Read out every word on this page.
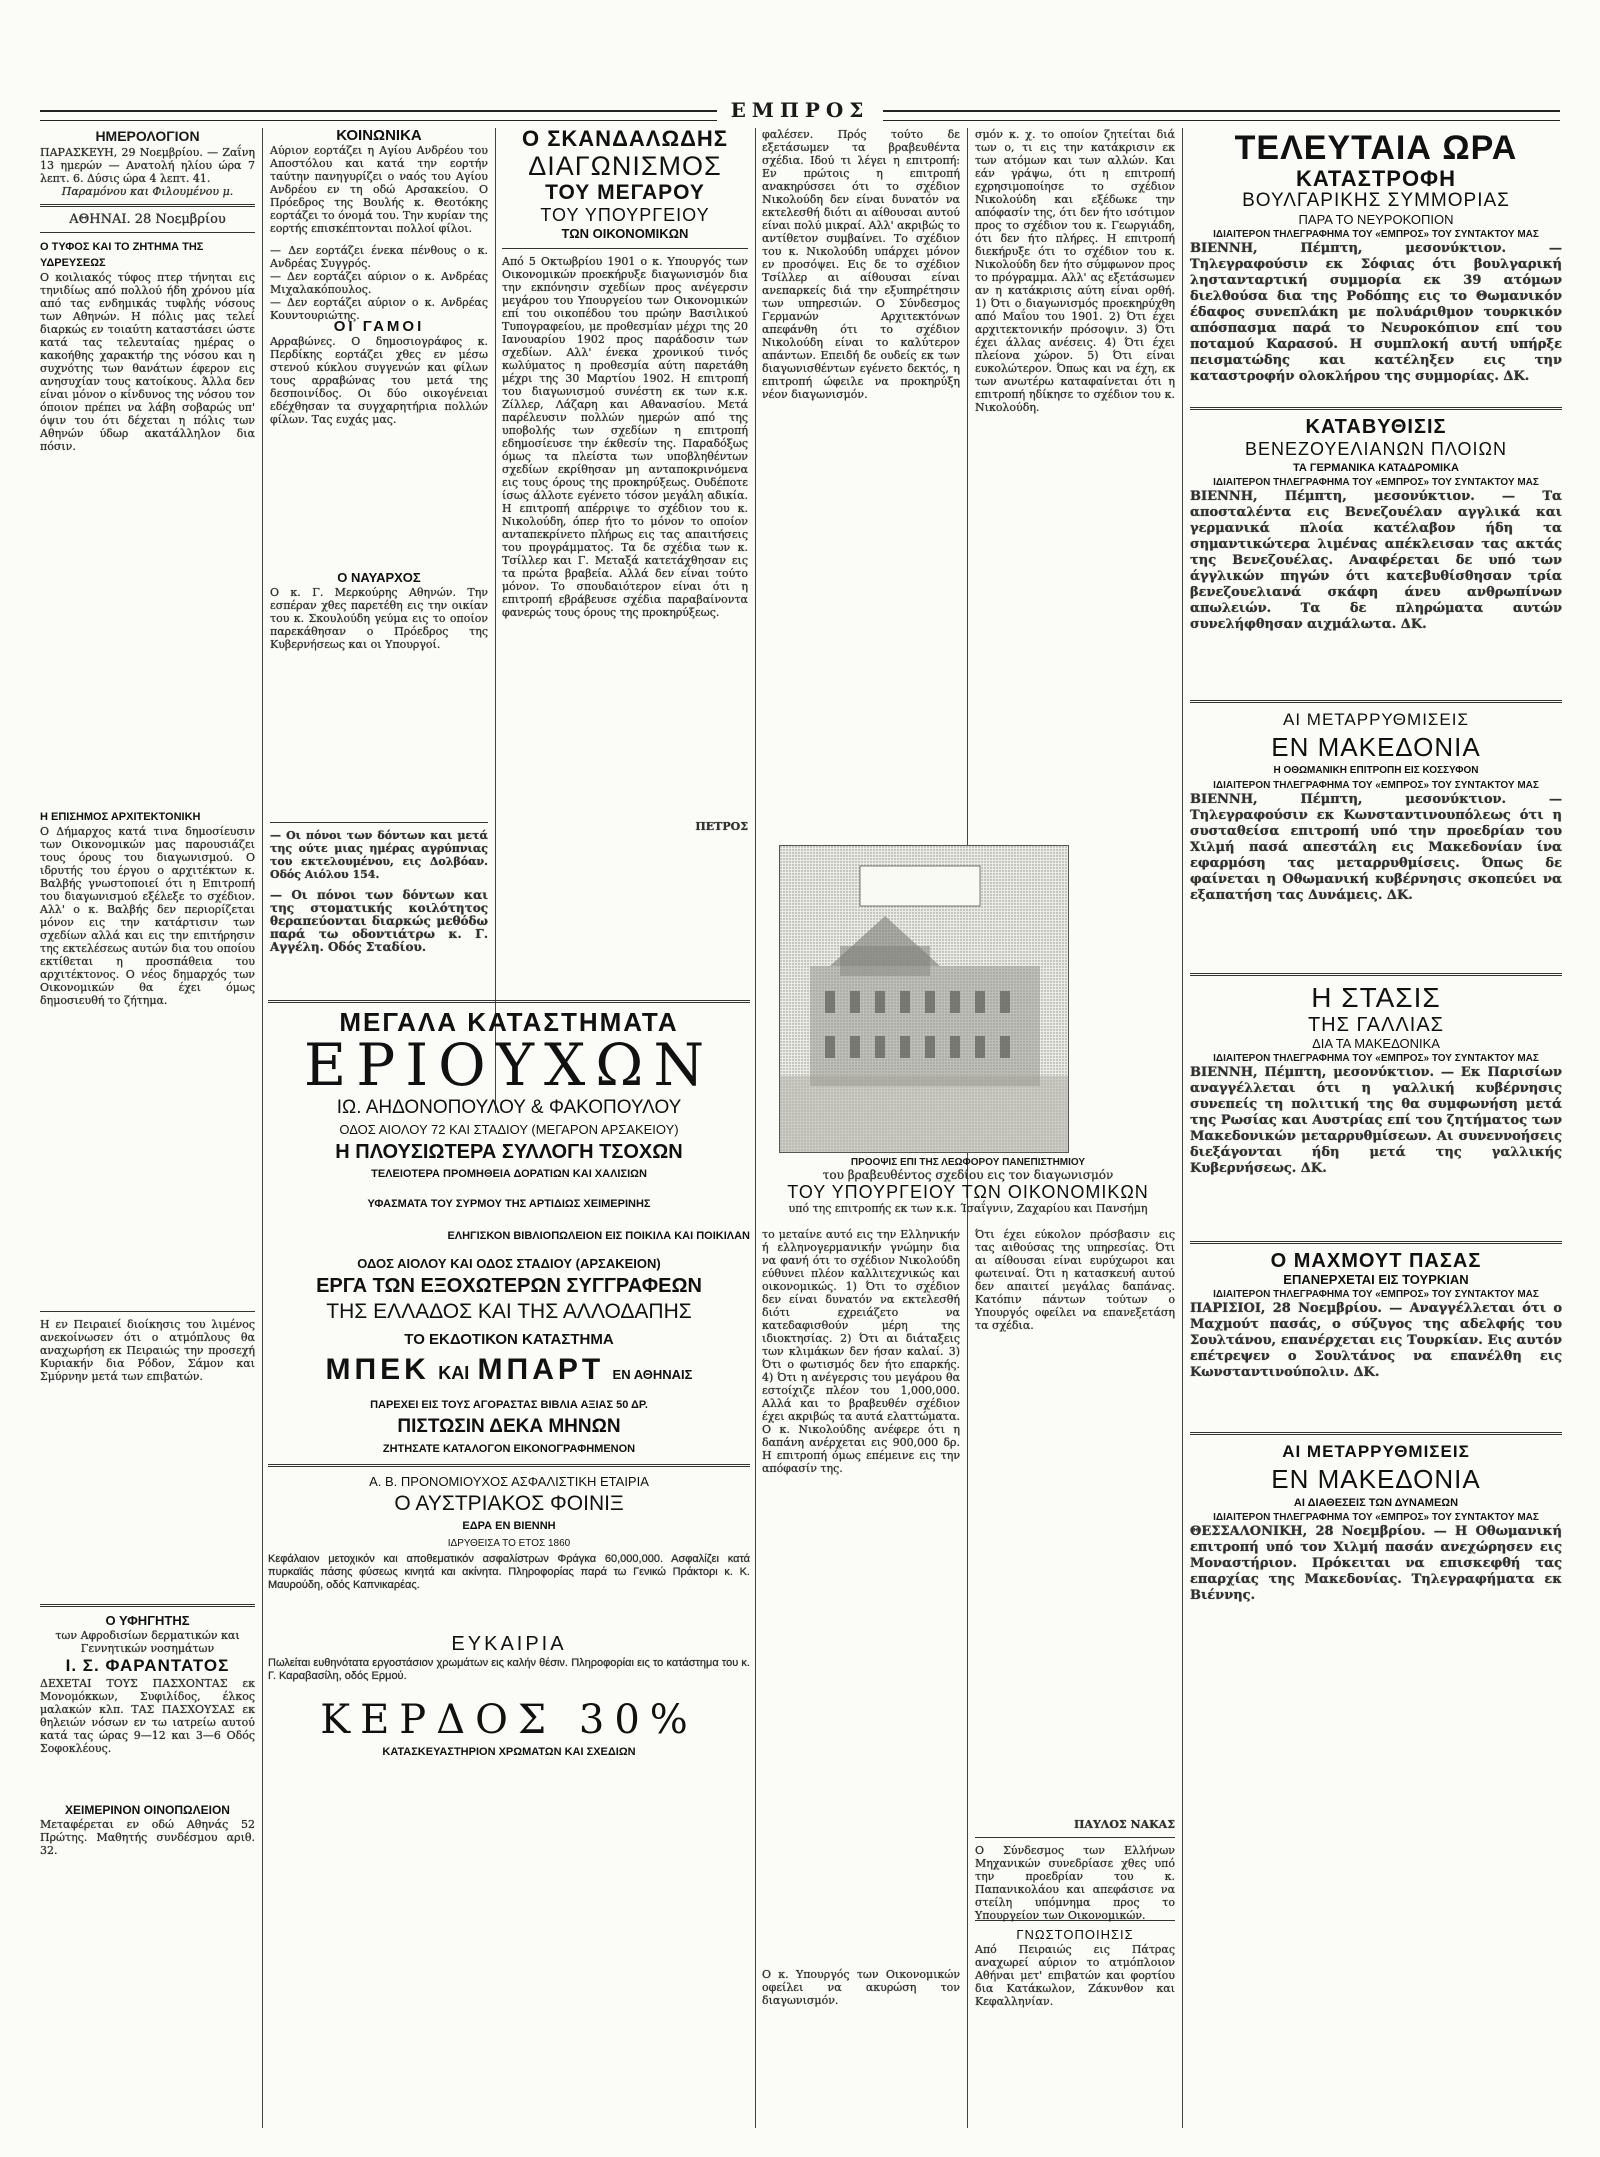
ΕΜΠΡΟΣ
ΗΜΕΡΟΛΟΓΙΟΝ
ΠΑΡΑΣΚΕΥΗ, 29 Νοεμβρίου. — Ζαΐνη 13 ημερών — Ανατολή ηλίου ώρα 7 λεπτ. 6. Δύσις ώρα 4 λεπτ. 41.
Παραμόνου και Φιλουμένου μ.
ΑΘΗΝΑΙ. 28 Νοεμβρίου
Ο ΤΥΦΟΣ ΚΑΙ ΤΟ ΖΗΤΗΜΑ ΤΗΣ ΥΔΡΕΥΣΕΩΣ
Ο κοιλιακός τύφος πτερ τήνηται εις τηνιδίως από πολλού ήδη χρόνου μία από τας ενδημικάς τυφλής νόσους των Αθηνών. Η πόλις μας τελεί διαρκώς εν τοιαύτη καταστάσει ώστε κατά τας τελευταίας ημέρας ο κακοήθης χαρακτήρ της νόσου και η συχνότης των θανάτων έφερον εις ανησυχίαν τους κατοίκους. Άλλα δεν είναι μόνον ο κίνδυνος της νόσου τον όποιον πρέπει να λάβη σοβαρώς υπ' όψιν του ότι δέχεται η πόλις των Αθηνών ύδωρ ακατάλληλον δια πόσιν.
Η ΕΠΙΣΗΜΟΣ ΑΡΧΙΤΕΚΤΟΝΙΚΗ
Ο Δήμαρχος κατά τινα δημοσίευσιν των Οικονομικών μας παρουσιάζει τους όρους του διαγωνισμού. Ο ιδρυτής του έργου ο αρχιτέκτων κ. Βαλβής γνωστοποιεί ότι η Επιτροπή του διαγωνισμού εξέλεξε το σχέδιον. Αλλ' ο κ. Βαλβής δεν περιορίζεται μόνον εις την κατάρτισιν των σχεδίων αλλά και εις την επιτήρησιν της εκτελέσεως αυτών δια του οποίου εκτίθεται η προσπάθεια του αρχιτέκτονος. Ο νέος δημαρχός των Οικονομικών θα έχει όμως δημοσιευθή το ζήτημα.
Η εν Πειραιεί διοίκησις του λιμένος ανεκοίνωσεν ότι ο ατμόπλους θα αναχωρήση εκ Πειραιώς την προσεχή Κυριακήν δια Ρόδον, Σάμον και Σμύρνην μετά των επιβατών.
Ο ΥΦΗΓΗΤΗΣ
των Αφροδισίων δερματικών και Γεννητικών νοσημάτων
Ι. Σ. ΦΑΡΑΝΤΑΤΟΣ
ΔΕΧΕΤΑΙ ΤΟΥΣ ΠΑΣΧΟΝΤΑΣ εκ Μονομόκκων, Συφιλίδος, έλκος μαλακών κλπ. ΤΑΣ ΠΑΣΧΟΥΣΑΣ εκ θηλειών νόσων εν τω ιατρείω αυτού κατά τας ώρας 9—12 και 3—6 Οδός Σοφοκλέους.
ΧΕΙΜΕΡΙΝΟΝ ΟΙΝΟΠΩΛΕΙΟΝ
Μεταφέρεται εν οδώ Αθηνάς 52 Πρώτης. Μαθητής συνδέσμου αριθ. 32.
ΚΟΙΝΩΝΙΚΑ
Αύριον εορτάζει η Αγίου Ανδρέου του Αποστόλου και κατά την εορτήν ταύτην πανηγυρίζει ο ναός του Αγίου Ανδρέου εν τη οδώ Αρσακείου. Ο Πρόεδρος της Βουλής κ. Θεοτόκης εορτάζει το όνομά του. Την κυρίαν της εορτής επισκέπτονται πολλοί φίλοι.
— Δεν εορτάζει ένεκα πένθους ο κ. Ανδρέας Συγγρός.
— Δεν εορτάζει αύριον ο κ. Ανδρέας Μιχαλακόπουλος.
— Δεν εορτάζει αύριον ο κ. Ανδρέας Κουντουριώτης.
ΟΙ ΓΑΜΟΙ
Αρραβώνες. Ο δημοσιογράφος κ. Περδίκης εορτάζει χθες εν μέσω στενού κύκλου συγγενών και φίλων τους αρραβώνας του μετά της δεσποινίδος. Οι δύο οικογένειαι εδέχθησαν τα συγχαρητήρια πολλών φίλων. Τας ευχάς μας.
Ο ΝΑΥΑΡΧΟΣ
Ο κ. Γ. Μερκούρης Αθηνών. Την εσπέραν χθες παρετέθη εις την οικίαν του κ. Σκουλούδη γεύμα εις το οποίον παρεκάθησαν ο Πρόεδρος της Κυβερνήσεως και οι Υπουργοί.
— Οι πόνοι των δόντων και μετά της ούτε μιας ημέρας αγρύπνιας του εκτελουμένου, εις Δολβόαν. Οδός Αιόλου 154.
— Οι πόνοι των δόντων και της στοματικής κοιλότητος θεραπεύονται διαρκώς μεθόδω παρά τω οδοντιάτρω κ. Γ. Αγγέλη. Οδός Σταδίου.
Ο ΣΚΑΝΔΑΛΩΔΗΣ
ΔΙΑΓΩΝΙΣΜΟΣ
ΤΟΥ ΜΕΓΑΡΟΥ
ΤΟΥ ΥΠΟΥΡΓΕΙΟΥ
ΤΩΝ ΟΙΚΟΝΟΜΙΚΩΝ
Από 5 Οκτωβρίου 1901 ο κ. Υπουργός των Οικονομικών προεκήρυξε διαγωνισμόν δια την εκπόνησιν σχεδίων προς ανέγερσιν μεγάρου του Υπουργείου των Οικονομικών επί του οικοπέδου του πρώην Βασιλικού Τυπογραφείου, με προθεσμίαν μέχρι της 20 Ιανουαρίου 1902 προς παράδοσιν των σχεδίων. Αλλ' ένεκα χρονικού τινός κωλύματος η προθεσμία αύτη παρετάθη μέχρι της 30 Μαρτίου 1902. Η επιτροπή του διαγωνισμού συνέστη εκ των κ.κ. Ζίλλερ, Λάζαρη και Αθανασίου. Μετά παρέλευσιν πολλών ημερών από της υποβολής των σχεδίων η επιτροπή εδημοσίευσε την έκθεσίν της. Παραδόξως όμως τα πλείστα των υποβληθέντων σχεδίων εκρίθησαν μη ανταποκρινόμενα εις τους όρους της προκηρύξεως. Ουδέποτε ίσως άλλοτε εγένετο τόσον μεγάλη αδικία. Η επιτροπή απέρριψε το σχέδιον του κ. Νικολούδη, όπερ ήτο το μόνον το οποίον ανταπεκρίνετο πλήρως εις τας απαιτήσεις του προγράμματος. Τα δε σχέδια των κ. Τσίλλερ και Γ. Μεταξά κατετάχθησαν εις τα πρώτα βραβεία. Αλλά δεν είναι τούτο μόνον. Το σπουδαιότερον είναι ότι η επιτροπή εβράβευσε σχέδια παραβαίνοντα φανερώς τους όρους της προκηρύξεως.
ΠΕΤΡΟΣ
ΜΕΓΑΛΑ ΚΑΤΑΣΤΗΜΑΤΑ
ΕΡΙΟΥΧΩΝ
ΙΩ. ΑΗΔΟΝΟΠΟΥΛΟΥ & ΦΑΚΟΠΟΥΛΟΥ
ΟΔΟΣ ΑΙΟΛΟΥ 72 ΚΑΙ ΣΤΑΔΙΟΥ (ΜΕΓΑΡΟΝ ΑΡΣΑΚΕΙΟΥ)
Η ΠΛΟΥΣΙΩΤΕΡΑ ΣΥΛΛΟΓΗ ΤΣΟΧΩΝ
ΤΕΛΕΙΟΤΕΡΑ ΠΡΟΜΗΘΕΙΑ ΔΟΡΑΤΙΩΝ ΚΑΙ ΧΑΛΙΣΙΩΝ
ΥΦΑΣΜΑΤΑ ΤΟΥ ΣΥΡΜΟΥ ΤΗΣ ΑΡΤΙΔΙΩΣ ΧΕΙΜΕΡΙΝΗΣ
ΕΛΗΓΙΣΚΟΝ ΒΙΒΛΙΟΠΩΛΕΙΟΝ ΕΙΣ ΠΟΙΚΙΛΑ ΚΑΙ ΠΟΙΚΙΛΑΝ
ΟΔΟΣ ΑΙΟΛΟΥ ΚΑΙ ΟΔΟΣ ΣΤΑΔΙΟΥ (ΑΡΣΑΚΕΙΟΝ)
ΕΡΓΑ ΤΩΝ ΕΞΟΧΩΤΕΡΩΝ ΣΥΓΓΡΑΦΕΩΝ
ΤΗΣ ΕΛΛΑΔΟΣ ΚΑΙ ΤΗΣ ΑΛΛΟΔΑΠΗΣ
ΤΟ ΕΚΔΟΤΙΚΟΝ ΚΑΤΑΣΤΗΜΑ
ΜΠΕΚ ΚΑΙ ΜΠΑΡΤ ΕΝ ΑΘΗΝΑΙΣ
ΠΑΡΕΧΕΙ ΕΙΣ ΤΟΥΣ ΑΓΟΡΑΣΤΑΣ ΒΙΒΛΙΑ ΑΞΙΑΣ 50 ΔΡ.
ΠΙΣΤΩΣΙΝ ΔΕΚΑ ΜΗΝΩΝ
ΖΗΤΗΣΑΤΕ ΚΑΤΑΛΟΓΟΝ ΕΙΚΟΝΟΓΡΑΦΗΜΕΝΟΝ
Α. Β. ΠΡΟΝΟΜΙΟΥΧΟΣ ΑΣΦΑΛΙΣΤΙΚΗ ΕΤΑΙΡΙΑ
Ο ΑΥΣΤΡΙΑΚΟΣ ΦΟΙΝΙΞ
ΕΔΡΑ ΕΝ ΒΙΕΝΝΗ
ΙΔΡΥΘΕΙΣΑ ΤΟ ΕΤΟΣ 1860
Κεφάλαιον μετοχικόν και αποθεματικόν ασφαλίστρων Φράγκα 60,000,000. Ασφαλίζει κατά πυρκαϊάς πάσης φύσεως κινητά και ακίνητα. Πληροφορίας παρά τω Γενικώ Πράκτορι κ. Κ. Μαυρούδη, οδός Καπνικαρέας.
ΕΥΚΑΙΡΙΑ
Πωλείται ευθηνότατα εργοστάσιον χρωμάτων εις καλήν θέσιν. Πληροφορίαι εις το κατάστημα του κ. Γ. Καραβασίλη, οδός Ερμού.
ΚΕΡΔΟΣ 30%
ΚΑΤΑΣΚΕΥΑΣΤΗΡΙΟΝ ΧΡΩΜΑΤΩΝ ΚΑΙ ΣΧΕΔΙΩΝ
φαλέσεν. Πρός τούτο δε εξετάσωμεν τα βραβευθέντα σχέδια. Ιδού τι λέγει η επιτροπή: Εν πρώτοις η επιτροπή ανακηρύσσει ότι το σχέδιον Νικολούδη δεν είναι δυνατόν να εκτελεσθή διότι αι αίθουσαι αυτού είναι πολύ μικραί. Αλλ' ακριβώς το αντίθετον συμβαίνει. Το σχέδιον του κ. Νικολούδη υπάρχει μόνον εν προσόψει. Εις δε το σχέδιον Τσίλλερ αι αίθουσαι είναι ανεπαρκείς διά την εξυπηρέτησιν των υπηρεσιών. Ο Σύνδεσμος Γερμανών Αρχιτεκτόνων απεφάνθη ότι το σχέδιον Νικολούδη είναι το καλύτερον απάντων. Επειδή δε ουδείς εκ των διαγωνισθέντων εγένετο δεκτός, η επιτροπή ώφειλε να προκηρύξη νέον διαγωνισμόν.
ΠΡΟΟΨΙΣ ΕΠΙ ΤΗΣ ΛΕΩΦΟΡΟΥ ΠΑΝΕΠΙΣΤΗΜΙΟΥ
του βραβευθέντος σχεδίου εις τον διαγωνισμόν
ΤΟΥ ΥΠΟΥΡΓΕΙΟΥ ΤΩΝ ΟΙΚΟΝΟΜΙΚΩΝ
υπό της επιτροπής εκ των κ.κ. Ίσαΐγνιν, Ζαχαρίου και Πανσήμη
το μεταίνε αυτό εις την Ελληνικήν ή ελληνογερμανικήν γνώμην δια να φανή ότι το σχέδιον Νικολούδη εύθυνει πλέον καλλιτεχνικώς και οικονομικώς. 1) Ότι το σχέδιον δεν είναι δυνατόν να εκτελεσθή διότι εχρειάζετο να κατεδαφισθούν μέρη της ιδιοκτησίας. 2) Ότι αι διάταξεις των κλιμάκων δεν ήσαν καλαί. 3) Ότι ο φωτισμός δεν ήτο επαρκής. 4) Ότι η ανέγερσις του μεγάρου θα εστοίχιζε πλέον του 1,000,000. Αλλά και το βραβευθέν σχέδιον έχει ακριβώς τα αυτά ελαττώματα. Ο κ. Νικολούδης ανέφερε ότι η δαπάνη ανέρχεται εις 900,000 δρ. Η επιτροπή όμως επέμεινε εις την απόφασίν της.
Ο κ. Υπουργός των Οικονομικών οφείλει να ακυρώση τον διαγωνισμόν.
σμόν κ. χ. το οποίον ζητείται διά των ο, τι εις την κατάκρισιν εκ των ατόμων και των αλλών. Και εάν γράψω, ότι η επιτροπή εχρησιμοποίησε το σχέδιον Νικολούδη και εξέδωκε την απόφασίν της, ότι δεν ήτο ισότιμον προς το σχέδιον του κ. Γεωργιάδη, ότι δεν ήτο πλήρες. Η επιτροπή διεκήρυξε ότι το σχέδιον του κ. Νικολούδη δεν ήτο σύμφωνον προς το πρόγραμμα. Αλλ' ας εξετάσωμεν αν η κατάκρισις αύτη είναι ορθή. 1) Ότι ο διαγωνισμός προεκηρύχθη από Μαΐου του 1901. 2) Ότι έχει αρχιτεκτονικήν πρόσοψιν. 3) Ότι έχει άλλας ανέσεις. 4) Ότι έχει πλείονα χώρον. 5) Ότι είναι ευκολώτερον. Όπως και να έχη, εκ των ανωτέρω καταφαίνεται ότι η επιτροπή ηδίκησε το σχέδιον του κ. Νικολούδη.
Ότι έχει εύκολον πρόσβασιν εις τας αιθούσας της υπηρεσίας. Ότι αι αίθουσαι είναι ευρύχωροι και φωτειναί. Ότι η κατασκευή αυτού δεν απαιτεί μεγάλας δαπάνας. Κατόπιν πάντων τούτων ο Υπουργός οφείλει να επανεξετάση τα σχέδια.
ΠΑΥΛΟΣ ΝΑΚΑΣ
Ο Σύνδεσμος των Ελλήνων Μηχανικών συνεδρίασε χθες υπό την προεδρίαν του κ. Παπανικολάου και απεφάσισε να στείλη υπόμνημα προς το Υπουργείον των Οικονομικών.
ΓΝΩΣΤΟΠΟΙΗΣΙΣ
Από Πειραιώς εις Πάτρας αναχωρεί αύριον το ατμόπλοιον Αθήναι μετ' επιβατών και φορτίου δια Κατάκωλον, Ζάκυνθον και Κεφαλληνίαν.
ΤΕΛΕΥΤΑΙΑ ΩΡΑ
ΚΑΤΑΣΤΡΟΦΗ
ΒΟΥΛΓΑΡΙΚΗΣ ΣΥΜΜΟΡΙΑΣ
ΠΑΡΑ ΤΟ ΝΕΥΡΟΚΟΠΙΟΝ
ΙΔΙΑΙΤΕΡΟΝ ΤΗΛΕΓΡΑΦΗΜΑ ΤΟΥ «ΕΜΠΡΟΣ» ΤΟΥ ΣΥΝΤΑΚΤΟΥ ΜΑΣ
ΒΙΕΝΝΗ, Πέμπτη, μεσονύκτιον. — Τηλεγραφούσιν εκ Σόφιας ότι βουλγαρική ληστανταρτική συμμορία εκ 39 ατόμων διελθούσα δια της Ροδόπης εις το Θωμανικόν έδαφος συνεπλάκη με πολυάριθμον τουρκικόν απόσπασμα παρά το Νευροκόπιον επί του ποταμού Καρασού. Η συμπλοκή αυτή υπήρξε πεισματώδης και κατέληξεν εις την καταστροφήν ολοκλήρου της συμμορίας. ΔΚ.
ΚΑΤΑΒΥΘΙΣΙΣ
ΒΕΝΕΖΟΥΕΛΙΑΝΩΝ ΠΛΟΙΩΝ
ΤΑ ΓΕΡΜΑΝΙΚΑ ΚΑΤΑΔΡΟΜΙΚΑ
ΙΔΙΑΙΤΕΡΟΝ ΤΗΛΕΓΡΑΦΗΜΑ ΤΟΥ «ΕΜΠΡΟΣ» ΤΟΥ ΣΥΝΤΑΚΤΟΥ ΜΑΣ
ΒΙΕΝΝΗ, Πέμπτη, μεσονύκτιον. — Τα αποσταλέντα εις Βενεζουέλαν αγγλικά και γερμανικά πλοία κατέλαβον ήδη τα σημαντικώτερα λιμένας απέκλεισαν τας ακτάς της Βενεζουέλας. Αναφέρεται δε υπό των άγγλικών πηγών ότι κατεβυθίσθησαν τρία βενεζουελιανά σκάφη άνευ ανθρωπίνων απωλειών. Τα δε πληρώματα αυτών συνελήφθησαν αιχμάλωτα. ΔΚ.
ΑΙ ΜΕΤΑΡΡΥΘΜΙΣΕΙΣ
ΕΝ ΜΑΚΕΔΟΝΙΑ
Η ΟΘΩΜΑΝΙΚΗ ΕΠΙΤΡΟΠΗ ΕΙΣ ΚΟΣΣΥΦΟΝ
ΙΔΙΑΙΤΕΡΟΝ ΤΗΛΕΓΡΑΦΗΜΑ ΤΟΥ «ΕΜΠΡΟΣ» ΤΟΥ ΣΥΝΤΑΚΤΟΥ ΜΑΣ
ΒΙΕΝΝΗ, Πέμπτη, μεσονύκτιον. — Τηλεγραφούσιν εκ Κωνσταντινουπόλεως ότι η συσταθείσα επιτροπή υπό την προεδρίαν του Χιλμή πασά απεστάλη εις Μακεδονίαν ίνα εφαρμόση τας μεταρρυθμίσεις. Όπως δε φαίνεται η Οθωμανική κυβέρνησις σκοπεύει να εξαπατήση τας Δυνάμεις. ΔΚ.
Η ΣΤΑΣΙΣ
ΤΗΣ ΓΑΛΛΙΑΣ
ΔΙΑ ΤΑ ΜΑΚΕΔΟΝΙΚΑ
ΙΔΙΑΙΤΕΡΟΝ ΤΗΛΕΓΡΑΦΗΜΑ ΤΟΥ «ΕΜΠΡΟΣ» ΤΟΥ ΣΥΝΤΑΚΤΟΥ ΜΑΣ
ΒΙΕΝΝΗ, Πέμπτη, μεσονύκτιον. — Εκ Παρισίων αναγγέλλεται ότι η γαλλική κυβέρνησις συνεπείς τη πολιτική της θα συμφωνήση μετά της Ρωσίας και Αυστρίας επί του ζητήματος των Μακεδονικών μεταρρυθμίσεων. Αι συνεννοήσεις διεξάγονται ήδη μετά της γαλλικής Κυβερνήσεως. ΔΚ.
Ο ΜΑΧΜΟΥΤ ΠΑΣΑΣ
ΕΠΑΝΕΡΧΕΤΑΙ ΕΙΣ ΤΟΥΡΚΙΑΝ
ΙΔΙΑΙΤΕΡΟΝ ΤΗΛΕΓΡΑΦΗΜΑ ΤΟΥ «ΕΜΠΡΟΣ» ΤΟΥ ΣΥΝΤΑΚΤΟΥ ΜΑΣ
ΠΑΡΙΣΙΟΙ, 28 Νοεμβρίου. — Αναγγέλλεται ότι ο Μαχμούτ πασάς, ο σύζυγος της αδελφής του Σουλτάνου, επανέρχεται εις Τουρκίαν. Εις αυτόν επέτρεψεν ο Σουλτάνος να επανέλθη εις Κωνσταντινούπολιν. ΔΚ.
ΑΙ ΜΕΤΑΡΡΥΘΜΙΣΕΙΣ
ΕΝ ΜΑΚΕΔΟΝΙΑ
ΑΙ ΔΙΑΘΕΣΕΙΣ ΤΩΝ ΔΥΝΑΜΕΩΝ
ΙΔΙΑΙΤΕΡΟΝ ΤΗΛΕΓΡΑΦΗΜΑ ΤΟΥ «ΕΜΠΡΟΣ» ΤΟΥ ΣΥΝΤΑΚΤΟΥ ΜΑΣ
ΘΕΣΣΑΛΟΝΙΚΗ, 28 Νοεμβρίου. — Η Οθωμανική επιτροπή υπό τον Χιλμή πασάν ανεχώρησεν εις Μοναστήριον. Πρόκειται να επισκεφθή τας επαρχίας της Μακεδονίας. Τηλεγραφήματα εκ Βιέννης.
